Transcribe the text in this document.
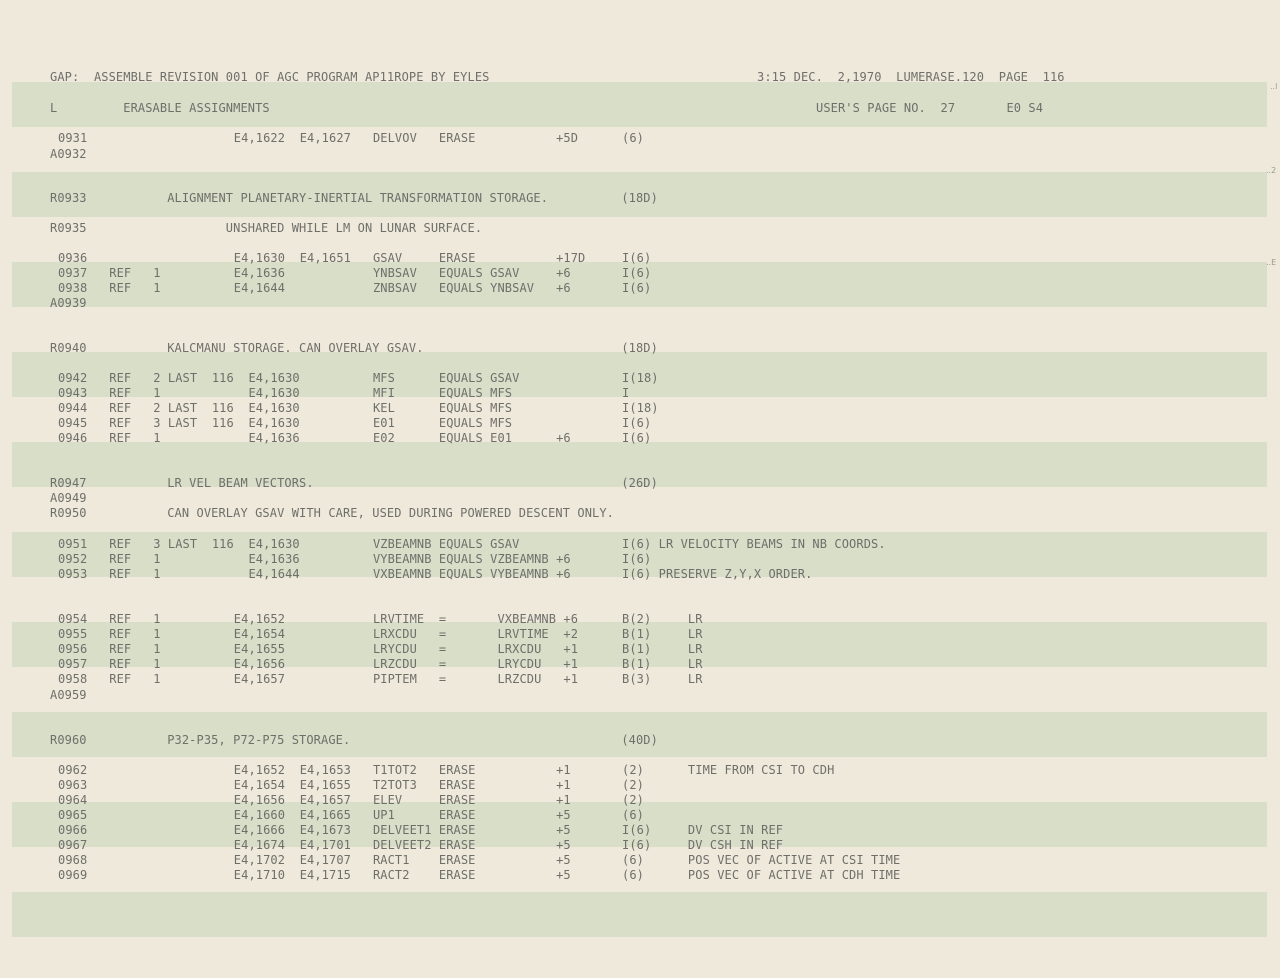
..l
..2
..E
GAP:  ASSEMBLE REVISION 001 OF AGC PROGRAM AP11ROPE BY EYLES	3:15 DEC.  2,1970  LUMERASE.120  PAGE  116
L         ERASABLE ASSIGNMENTS	USER'S PAGE NO.  27       E0 S4
0931                    E4,1622  E4,1627   DELVOV   ERASE           +5D      (6)
A0932
R0933           ALIGNMENT PLANETARY-INERTIAL TRANSFORMATION STORAGE.          (18D)
R0935                   UNSHARED WHILE LM ON LUNAR SURFACE.
0936                    E4,1630  E4,1651   GSAV     ERASE           +17D     I(6)
0937   REF   1          E4,1636            YNBSAV   EQUALS GSAV     +6       I(6)
0938   REF   1          E4,1644            ZNBSAV   EQUALS YNBSAV   +6       I(6)
A0939
R0940           KALCMANU STORAGE. CAN OVERLAY GSAV.                           (18D)
0942   REF   2 LAST  116  E4,1630          MFS      EQUALS GSAV              I(18)
0943   REF   1            E4,1630          MFI      EQUALS MFS               I
0944   REF   2 LAST  116  E4,1630          KEL      EQUALS MFS               I(18)
0945   REF   3 LAST  116  E4,1630          E01      EQUALS MFS               I(6)
0946   REF   1            E4,1636          E02      EQUALS E01      +6       I(6)
R0947           LR VEL BEAM VECTORS.                                          (26D)
A0949
R0950           CAN OVERLAY GSAV WITH CARE, USED DURING POWERED DESCENT ONLY.
0951   REF   3 LAST  116  E4,1630          VZBEAMNB EQUALS GSAV              I(6) LR VELOCITY BEAMS IN NB COORDS.
0952   REF   1            E4,1636          VYBEAMNB EQUALS VZBEAMNB +6       I(6)
0953   REF   1            E4,1644          VXBEAMNB EQUALS VYBEAMNB +6       I(6) PRESERVE Z,Y,X ORDER.
0954   REF   1          E4,1652            LRVTIME  =       VXBEAMNB +6      B(2)     LR
0955   REF   1          E4,1654            LRXCDU   =       LRVTIME  +2      B(1)     LR
0956   REF   1          E4,1655            LRYCDU   =       LRXCDU   +1      B(1)     LR
0957   REF   1          E4,1656            LRZCDU   =       LRYCDU   +1      B(1)     LR
0958   REF   1          E4,1657            PIPTEM   =       LRZCDU   +1      B(3)     LR
A0959
R0960           P32-P35, P72-P75 STORAGE.                                     (40D)
0962                    E4,1652  E4,1653   T1TOT2   ERASE           +1       (2)      TIME FROM CSI TO CDH
0963                    E4,1654  E4,1655   T2TOT3   ERASE           +1       (2)
0964                    E4,1656  E4,1657   ELEV     ERASE           +1       (2)
0965                    E4,1660  E4,1665   UP1      ERASE           +5       (6)
0966                    E4,1666  E4,1673   DELVEET1 ERASE           +5       I(6)     DV CSI IN REF
0967                    E4,1674  E4,1701   DELVEET2 ERASE           +5       I(6)     DV CSH IN REF
0968                    E4,1702  E4,1707   RACT1    ERASE           +5       (6)      POS VEC OF ACTIVE AT CSI TIME
0969                    E4,1710  E4,1715   RACT2    ERASE           +5       (6)      POS VEC OF ACTIVE AT CDH TIME
